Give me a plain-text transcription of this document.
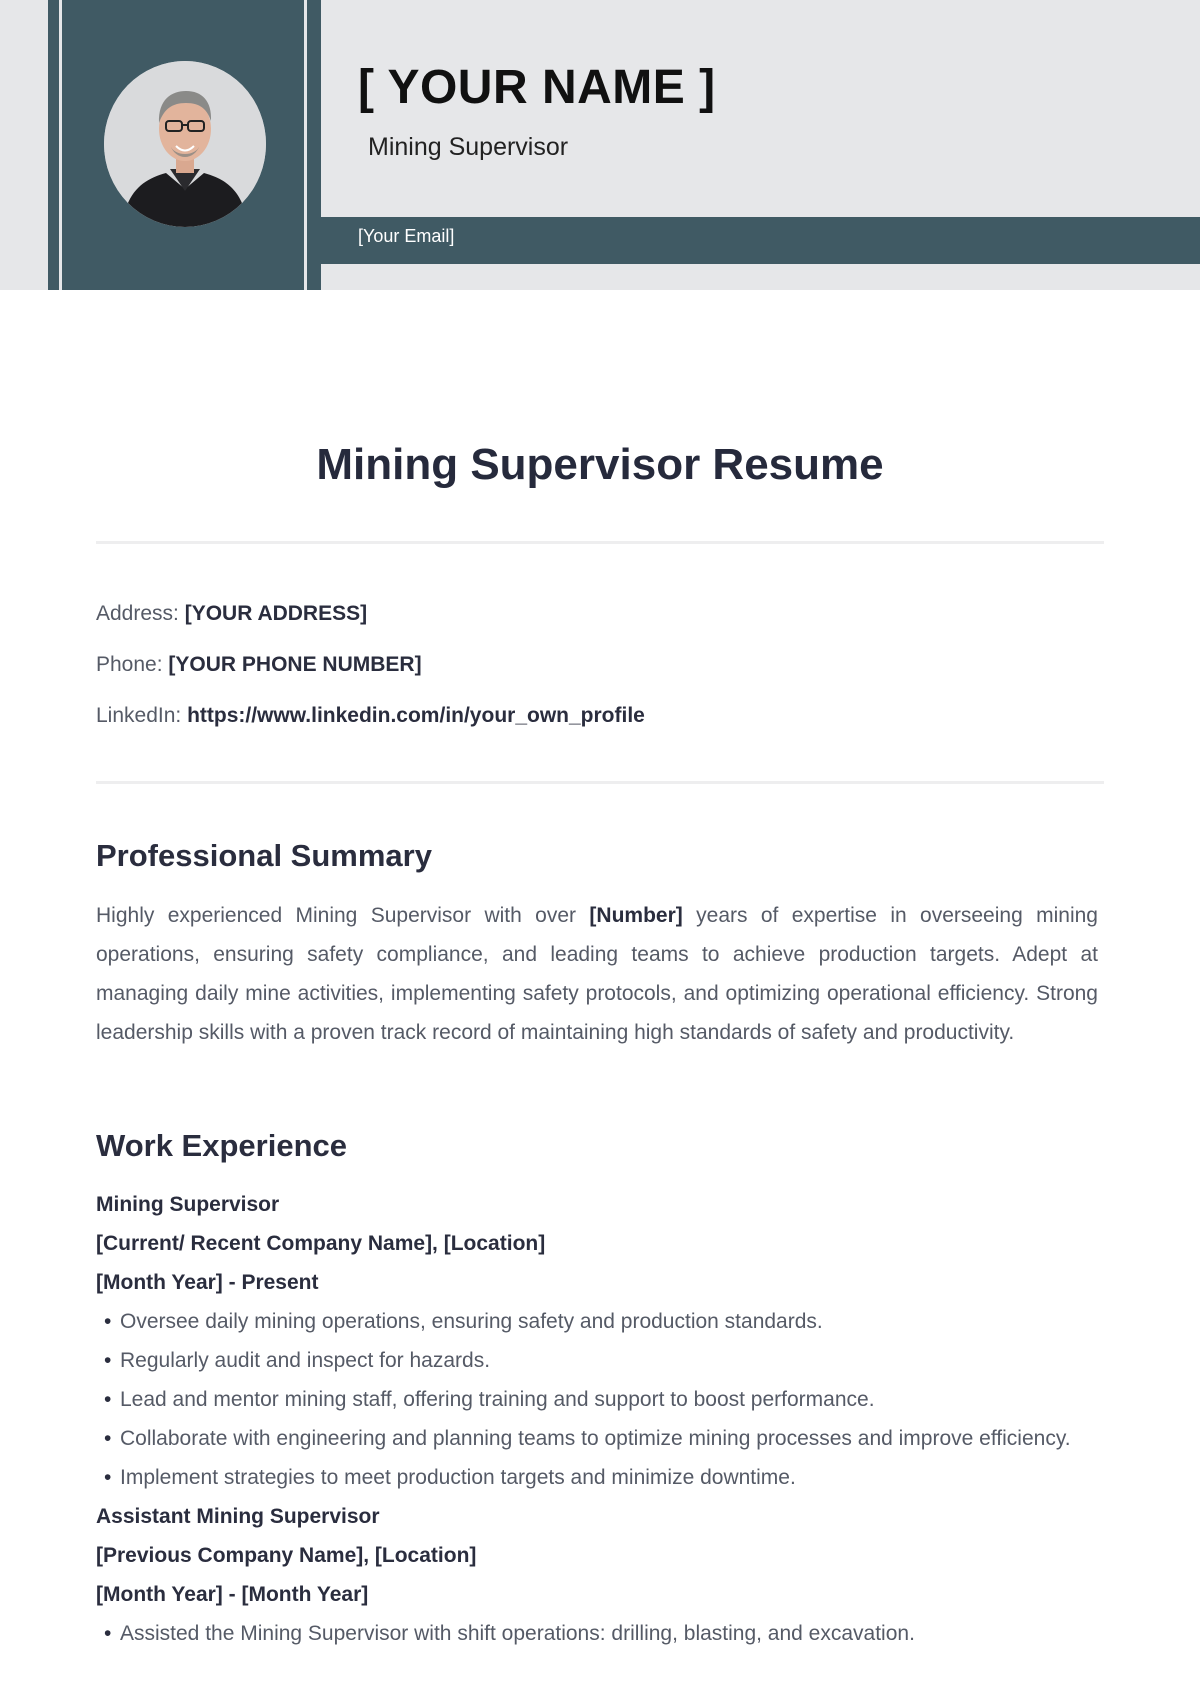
[ YOUR NAME ]
Mining Supervisor
[Your Email]
Mining Supervisor Resume
Address: [YOUR ADDRESS]
Phone: [YOUR PHONE NUMBER]
LinkedIn: https://www.linkedin.com/in/your_own_profile
Professional Summary

Highly experienced Mining Supervisor with over [Number] years of expertise in overseeing mining operations, ensuring safety compliance, and leading teams to achieve production targets. Adept at managing daily mine activities, implementing safety protocols, and optimizing operational efficiency. Strong leadership skills with a proven track record of maintaining high standards of safety and productivity.

Work Experience
Mining Supervisor
[Current/ Recent Company Name], [Location]
[Month Year] - Present
• Oversee daily mining operations, ensuring safety and production standards.
• Regularly audit and inspect for hazards.
• Lead and mentor mining staff, offering training and support to boost performance.
• Collaborate with engineering and planning teams to optimize mining processes and improve efficiency.
• Implement strategies to meet production targets and minimize downtime.
Assistant Mining Supervisor
[Previous Company Name], [Location]
[Month Year] - [Month Year]
• Assisted the Mining Supervisor with shift operations: drilling, blasting, and excavation.
